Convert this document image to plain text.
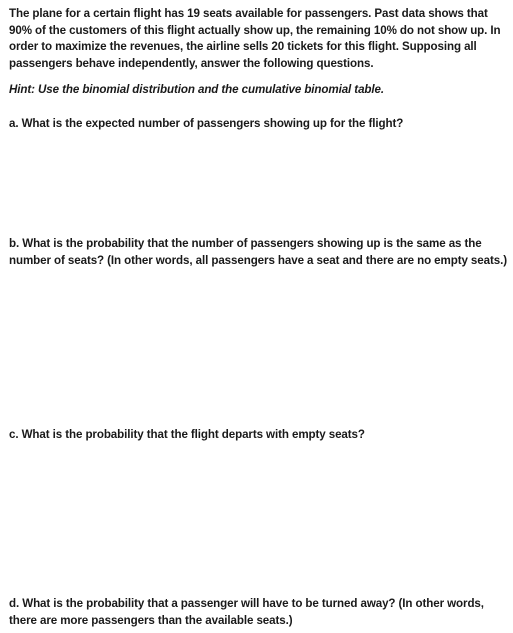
The plane for a certain flight has 19 seats available for passengers. Past data shows that 90% of the customers of this flight actually show up, the remaining 10% do not show up. In order to maximize the revenues, the airline sells 20 tickets for this flight. Supposing all passengers behave independently, answer the following questions.
Hint: Use the binomial distribution and the cumulative binomial table.
a. What is the expected number of passengers showing up for the flight?
b. What is the probability that the number of passengers showing up is the same as the number of seats? (In other words, all passengers have a seat and there are no empty seats.)
c. What is the probability that the flight departs with empty seats?
d. What is the probability that a passenger will have to be turned away? (In other words, there are more passengers than the available seats.)
